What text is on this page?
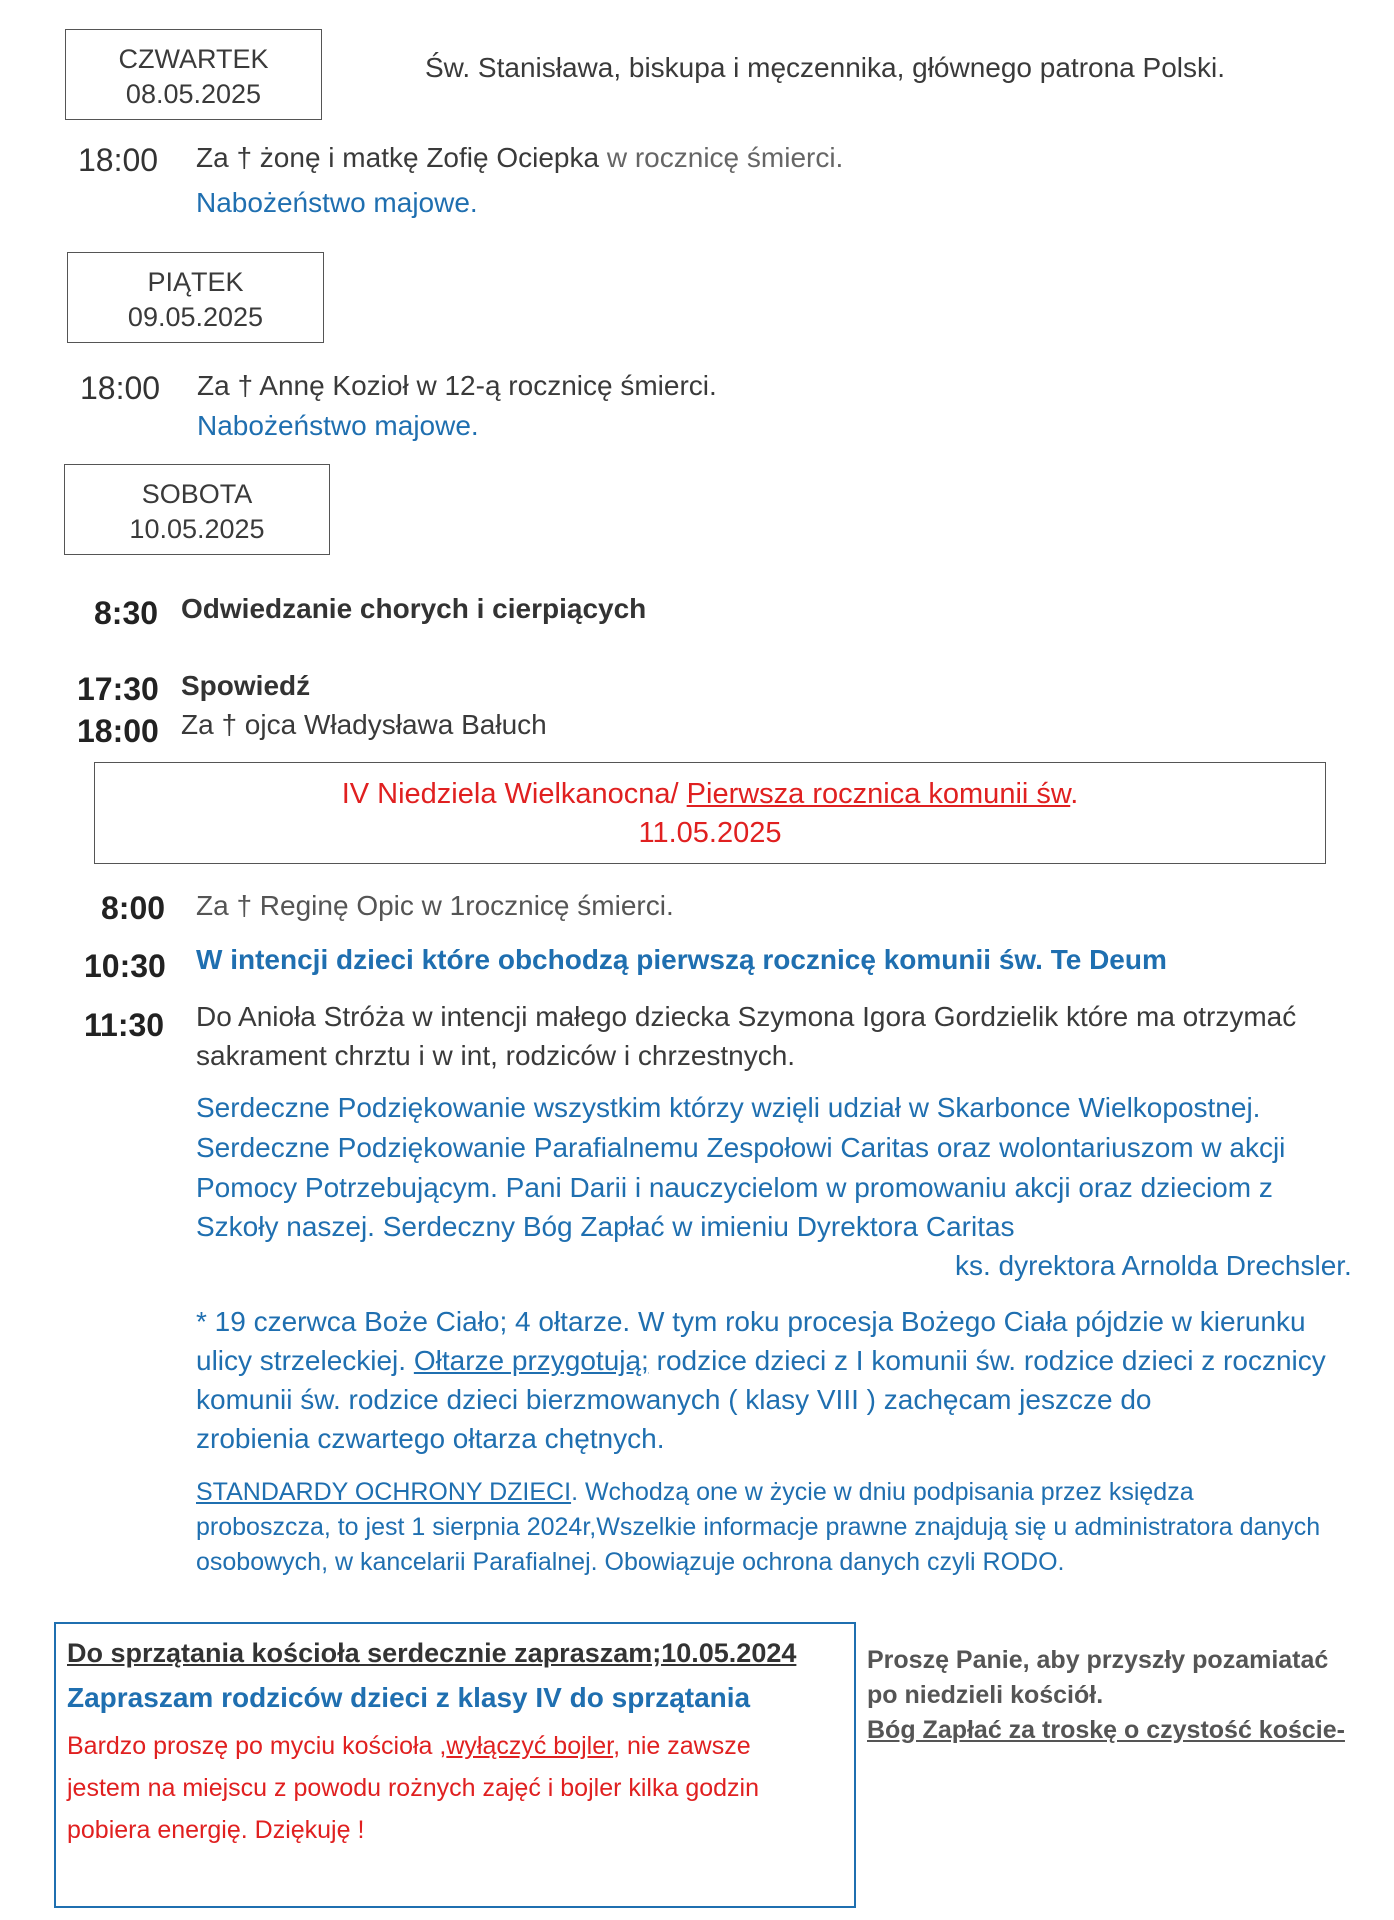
CZWARTEK
08.05.2025
Św. Stanisława, biskupa i męczennika, głównego patrona Polski.
18:00 Za † żonę i matkę Zofię Ociepka w rocznicę śmierci.
Nabożeństwo majowe.
PIĄTEK
09.05.2025
18:00 Za † Annę Kozioł w 12-ą rocznicę śmierci.
Nabożeństwo majowe.
SOBOTA
10.05.2025
8:30 Odwiedzanie chorych i cierpiących
17:30 Spowiedź
18:00 Za † ojca Władysława Bałuch
IV Niedziela Wielkanocna/ Pierwsza rocznica komunii św.
11.05.2025
8:00 Za † Reginę Opic w 1rocznicę śmierci.
10:30 W intencji dzieci które obchodzą pierwszą rocznicę komunii św. Te Deum
11:30 Do Anioła Stróża w intencji małego dziecka Szymona Igora Gordzielik które ma otrzymać
sakrament chrztu i w int, rodziców i chrzestnych.
Serdeczne Podziękowanie wszystkim którzy wzięli udział w Skarbonce Wielkopostnej.
Serdeczne Podziękowanie Parafialnemu Zespołowi Caritas oraz wolontariuszom w akcji
Pomocy Potrzebującym. Pani Darii i nauczycielom w promowaniu akcji oraz dzieciom z
Szkoły naszej. Serdeczny Bóg Zapłać w imieniu Dyrektora Caritas
ks. dyrektora Arnolda Drechsler.
* 19 czerwca Boże Ciało; 4 ołtarze. W tym roku procesja Bożego Ciała pójdzie w kierunku
ulicy strzeleckiej. Ołtarze przygotują; rodzice dzieci z I komunii św. rodzice dzieci z rocznicy
komunii św. rodzice dzieci bierzmowanych ( klasy VIII ) zachęcam jeszcze do
zrobienia czwartego ołtarza chętnych.
STANDARDY OCHRONY DZIECI. Wchodzą one w życie w dniu podpisania przez księdza
proboszcza, to jest 1 sierpnia 2024r,Wszelkie informacje prawne znajdują się u administratora danych
osobowych, w kancelarii Parafialnej. Obowiązuje ochrona danych czyli RODO.
Do sprzątania kościoła serdecznie zapraszam;10.05.2024
Zapraszam rodziców dzieci z klasy IV do sprzątania
Bardzo proszę po myciu kościoła ,wyłączyć bojler, nie zawsze
jestem na miejscu z powodu rożnych zajęć i bojler kilka godzin
pobiera energię. Dziękuję !
Proszę Panie, aby przyszły pozamiatać
po niedzieli kościół.
Bóg Zapłać za troskę o czystość koście-
